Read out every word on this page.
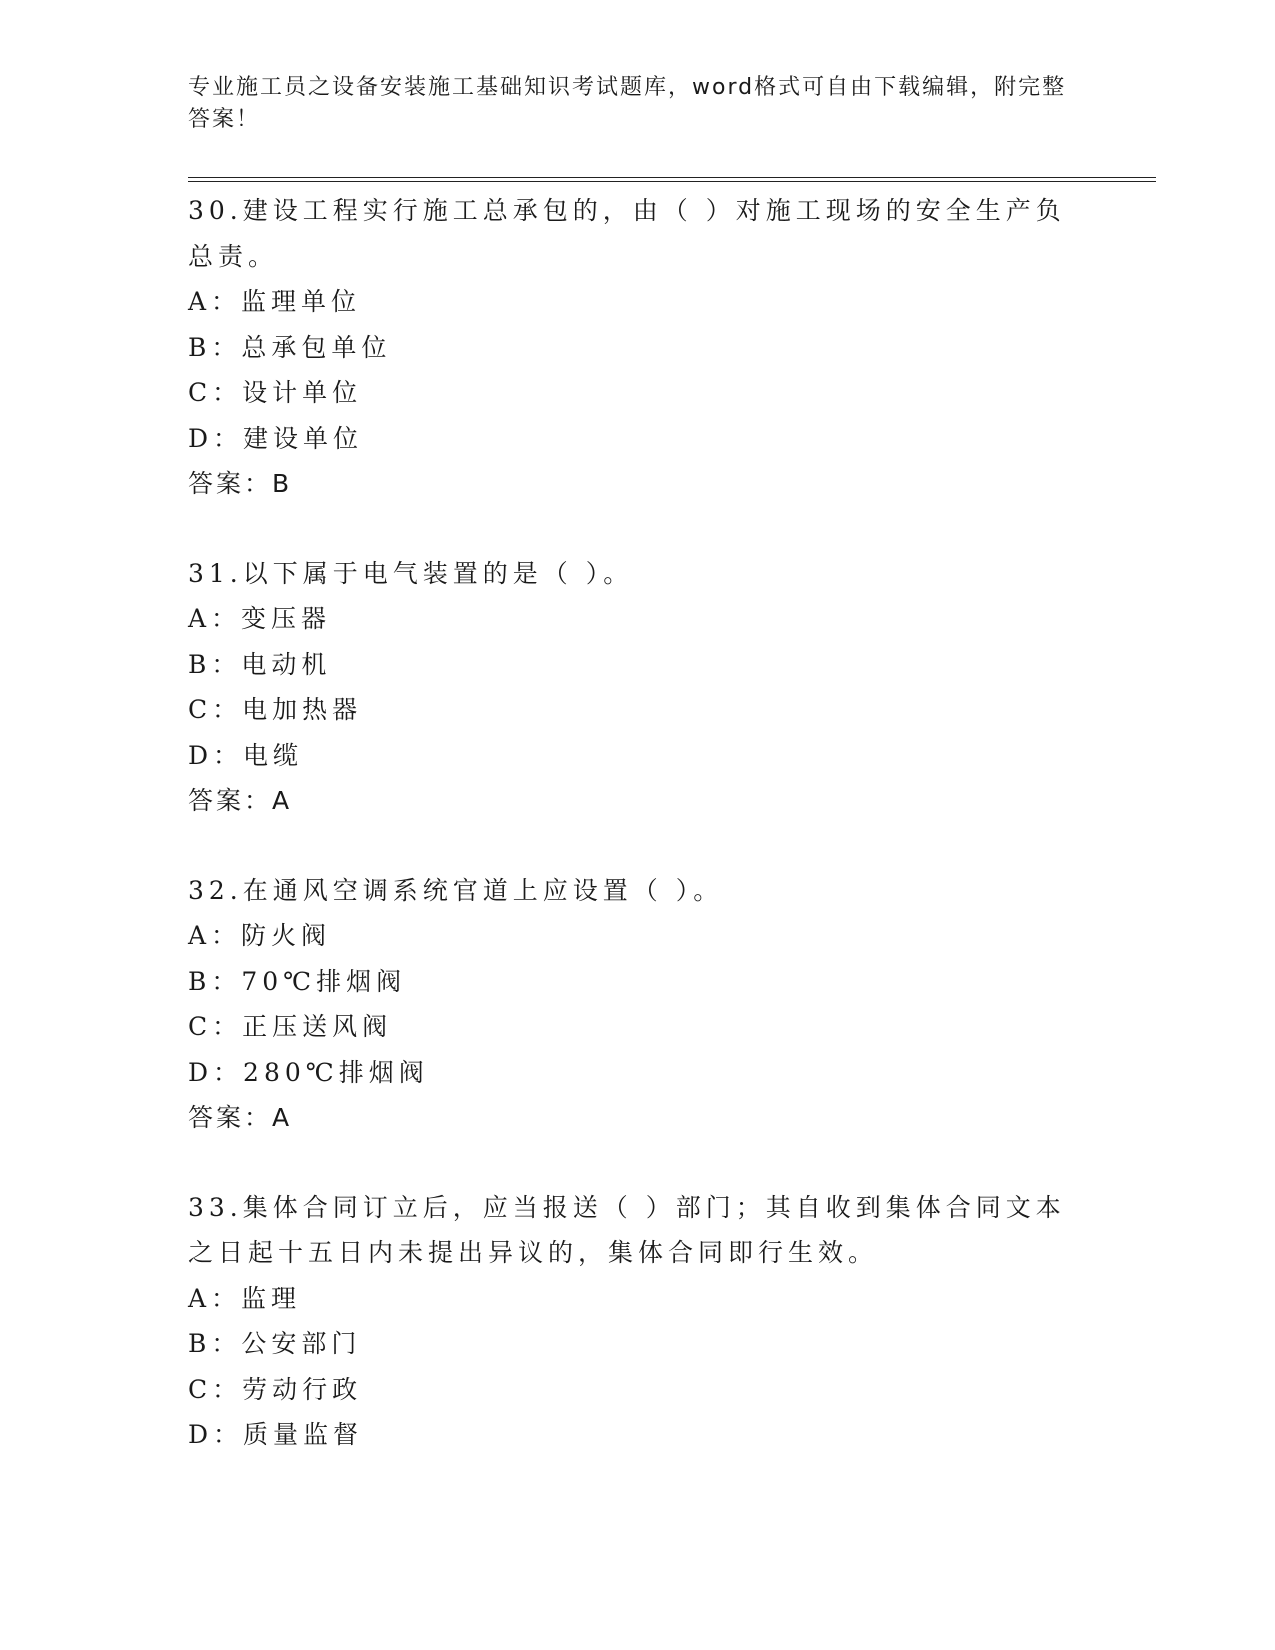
专业施工员之设备安装施工基础知识考试题库，word格式可自由下载编辑，附完整答案！

30.建设工程实行施工总承包的，由（ ）对施工现场的安全生产负总责。

A：监理单位

B：总承包单位

C：设计单位

D：建设单位

答案：B

31.以下属于电气装置的是（ ）。

A：变压器

B：电动机

C：电加热器

D：电缆

答案：A

32.在通风空调系统官道上应设置（ ）。

A：防火阀

B：70℃排烟阀

C：正压送风阀

D：280℃排烟阀

答案：A

33.集体合同订立后，应当报送（ ）部门；其自收到集体合同文本之日起十五日内未提出异议的，集体合同即行生效。

A：监理

B：公安部门

C：劳动行政

D：质量监督
